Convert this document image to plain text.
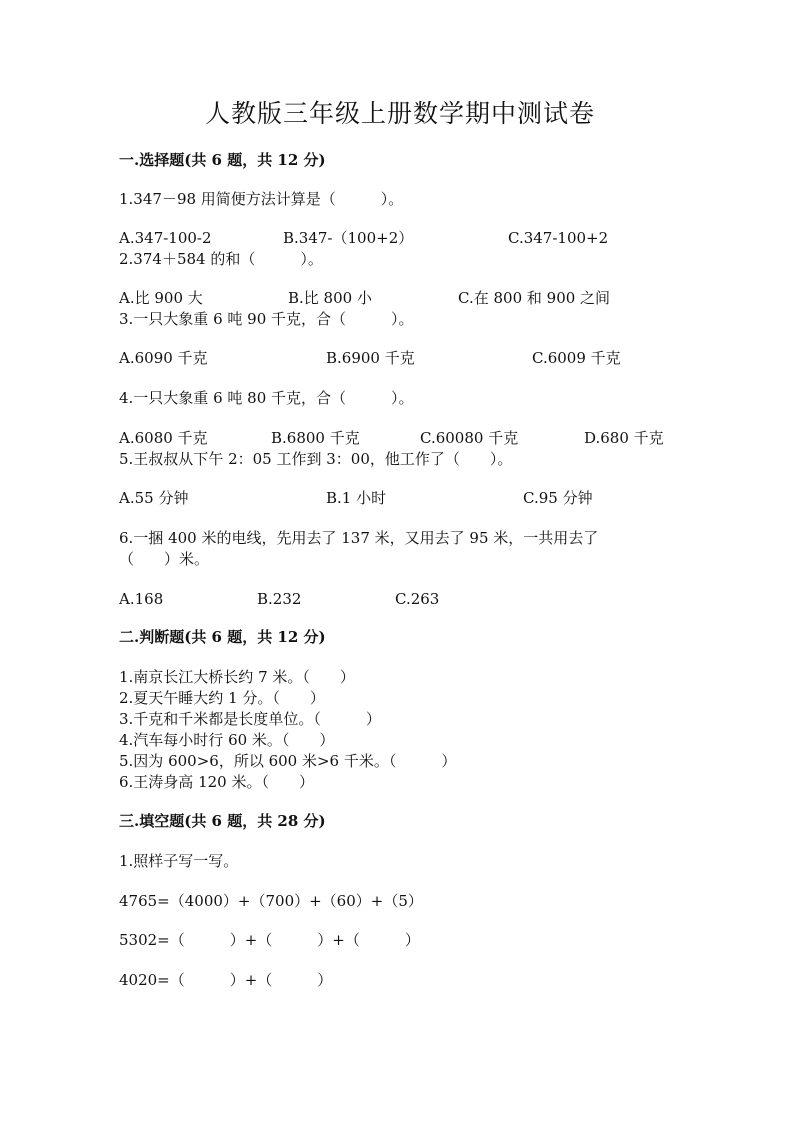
人教版三年级上册数学期中测试卷
一.选择题(共 6 题，共 12 分)
1.347－98 用简便方法计算是（　　　）。
A.347-100-2	B.347-（100+2）	C.347-100+2
2.374＋584 的和（　　　）。
A.比 900 大	B.比 800 小	C.在 800 和 900 之间
3.一只大象重 6 吨 90 千克，合（　　　）。
A.6090 千克	B.6900 千克	C.6009 千克
4.一只大象重 6 吨 80 千克，合（　　　）。
A.6080 千克	B.6800 千克	C.60080 千克	D.680 千克
5.王叔叔从下午 2：05 工作到 3：00，他工作了（　　）。
A.55 分钟	B.1 小时	C.95 分钟
6.一捆 400 米的电线，先用去了 137 米，又用去了 95 米，一共用去了
（　　）米。
A.168	B.232	C.263
二.判断题(共 6 题，共 12 分)
1.南京长江大桥长约 7 米。（　　）
2.夏天午睡大约 1 分。（　　）
3.千克和千米都是长度单位。（　　　）
4.汽车每小时行 60 米。（　　）
5.因为 600>6，所以 600 米>6 千米。（　　　）
6.王涛身高 120 米。（　　）
三.填空题(共 6 题，共 28 分)
1.照样子写一写。
4765=（4000）+（700）+（60）+（5）
5302=（　　　）+（　　　）+（　　　）
4020=（　　　）+（　　　）
